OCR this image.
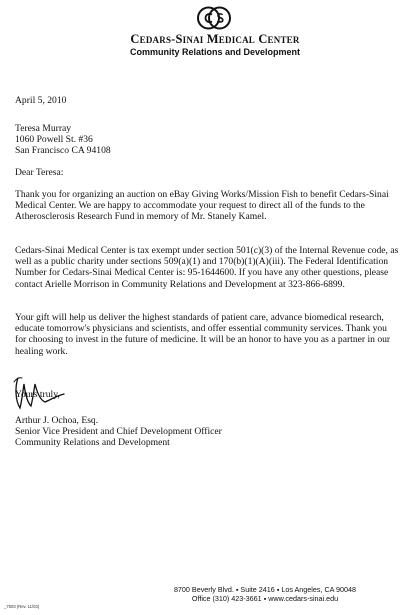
Cedars-Sinai Medical Center
Community Relations and Development
April 5, 2010
Teresa Murray
1060 Powell St. #36
San Francisco CA 94108
Dear Teresa:
Thank you for organizing an auction on eBay Giving Works/Mission Fish to benefit Cedars-Sinai Medical Center. We are happy to accommodate your request to direct all of the funds to the Atherosclerosis Research Fund in memory of Mr. Stanely Kamel.
Cedars-Sinai Medical Center is tax exempt under section 501(c)(3) of the Internal Revenue code, as well as a public charity under sections 509(a)(1) and 170(b)(1)(A)(iii). The Federal Identification Number for Cedars-Sinai Medical Center is: 95-1644600. If you have any other questions, please contact Arielle Morrison in Community Relations and Development at 323-866-6899.
Your gift will help us deliver the highest standards of patient care, advance biomedical research, educate tomorrow's physicians and scientists, and offer essential community services. Thank you for choosing to invest in the future of medicine. It will be an honor to have you as a partner in our healing work.
Yours truly,
Arthur J. Ochoa, Esq.
Senior Vice President and Chief Development Officer
Community Relations and Development
8700 Beverly Blvd. ▪ Suite 2416 ▪ Los Angeles, CA 90048
Office (310) 423-3661 ▪ www.cedars-sinai.edu
_7503 (Rev. 11/03)
